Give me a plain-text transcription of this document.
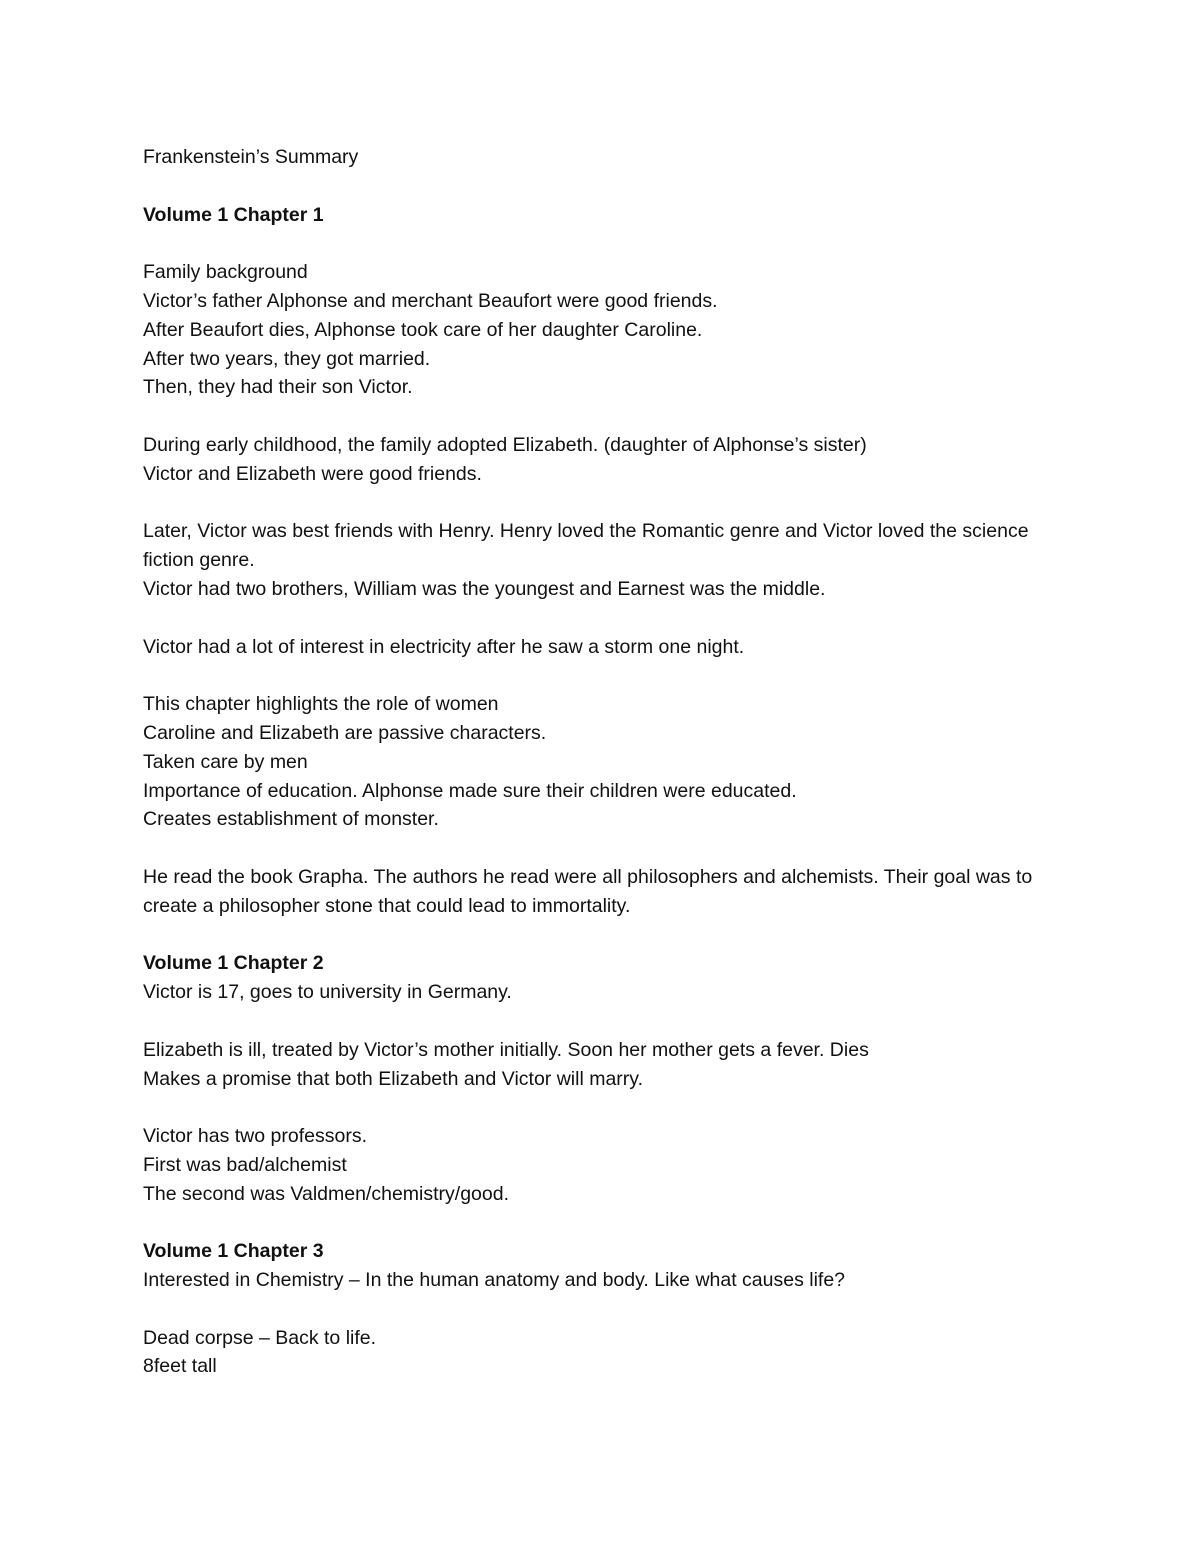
Frankenstein’s Summary
Volume 1 Chapter 1
Family background
Victor’s father Alphonse and merchant Beaufort were good friends.
After Beaufort dies, Alphonse took care of her daughter Caroline.
After two years, they got married.
Then, they had their son Victor.
During early childhood, the family adopted Elizabeth. (daughter of Alphonse’s sister)
Victor and Elizabeth were good friends.
Later, Victor was best friends with Henry. Henry loved the Romantic genre and Victor loved the science fiction genre.
Victor had two brothers, William was the youngest and Earnest was the middle.
Victor had a lot of interest in electricity after he saw a storm one night.
This chapter highlights the role of women
Caroline and Elizabeth are passive characters.
Taken care by men
Importance of education. Alphonse made sure their children were educated.
Creates establishment of monster.
He read the book Grapha. The authors he read were all philosophers and alchemists. Their goal was to create a philosopher stone that could lead to immortality.
Volume 1 Chapter 2
Victor is 17, goes to university in Germany.
Elizabeth is ill, treated by Victor’s mother initially. Soon her mother gets a fever. Dies
Makes a promise that both Elizabeth and Victor will marry.
Victor has two professors.
First was bad/alchemist
The second was Valdmen/chemistry/good.
Volume 1 Chapter 3
Interested in Chemistry – In the human anatomy and body. Like what causes life?
Dead corpse – Back to life.
8feet tall
